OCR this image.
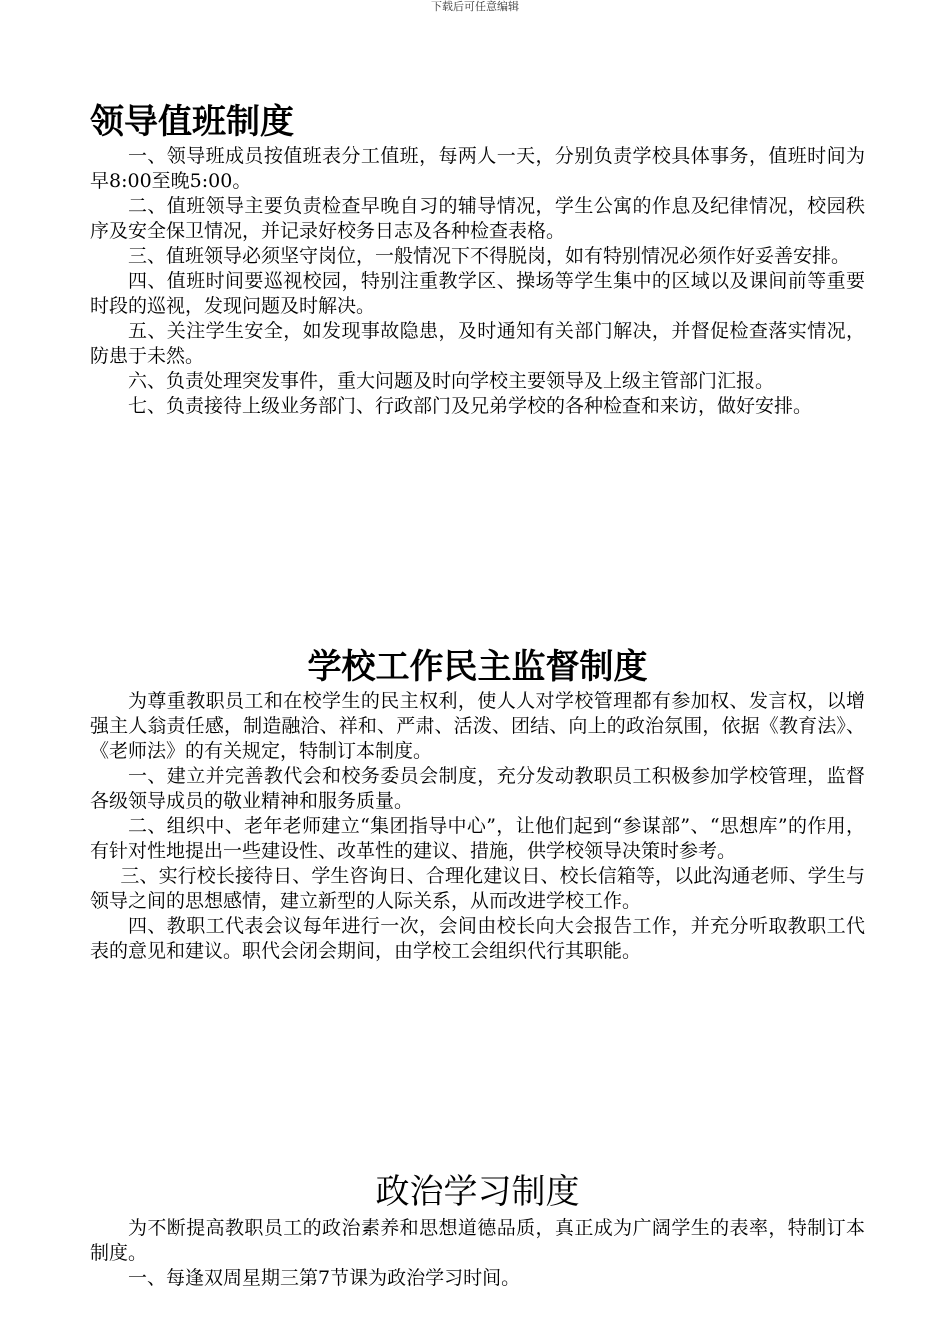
下载后可任意编辑
领导值班制度

一、领导班成员按值班表分工值班，每两人一天，分别负责学校具体事务，值班时间为早8:00至晚5:00。

二、值班领导主要负责检查早晚自习的辅导情况，学生公寓的作息及纪律情况，校园秩序及安全保卫情况，并记录好校务日志及各种检查表格。

三、值班领导必须坚守岗位，一般情况下不得脱岗，如有特别情况必须作好妥善安排。

四、值班时间要巡视校园，特别注重教学区、操场等学生集中的区域以及课间前等重要时段的巡视，发现问题及时解决。

五、关注学生安全，如发现事故隐患，及时通知有关部门解决，并督促检查落实情况，防患于未然。

六、负责处理突发事件，重大问题及时向学校主要领导及上级主管部门汇报。

七、负责接待上级业务部门、行政部门及兄弟学校的各种检查和来访，做好安排。

学校工作民主监督制度

为尊重教职员工和在校学生的民主权利，使人人对学校管理都有参加权、发言权，以增强主人翁责任感，制造融洽、祥和、严肃、活泼、团结、向上的政治氛围，依据《教育法》、《老师法》的有关规定，特制订本制度。

一、建立并完善教代会和校务委员会制度，充分发动教职员工积极参加学校管理，监督各级领导成员的敬业精神和服务质量。

二、组织中、老年老师建立“集团指导中心”，让他们起到“参谋部”、“思想库”的作用，有针对性地提出一些建设性、改革性的建议、措施，供学校领导决策时参考。

三、实行校长接待日、学生咨询日、合理化建议日、校长信箱等，以此沟通老师、学生与领导之间的思想感情，建立新型的人际关系，从而改进学校工作。

四、教职工代表会议每年进行一次，会间由校长向大会报告工作，并充分听取教职工代表的意见和建议。职代会闭会期间，由学校工会组织代行其职能。

政治学习制度

为不断提高教职员工的政治素养和思想道德品质，真正成为广阔学生的表率，特制订本制度。

一、每逢双周星期三第7节课为政治学习时间。
